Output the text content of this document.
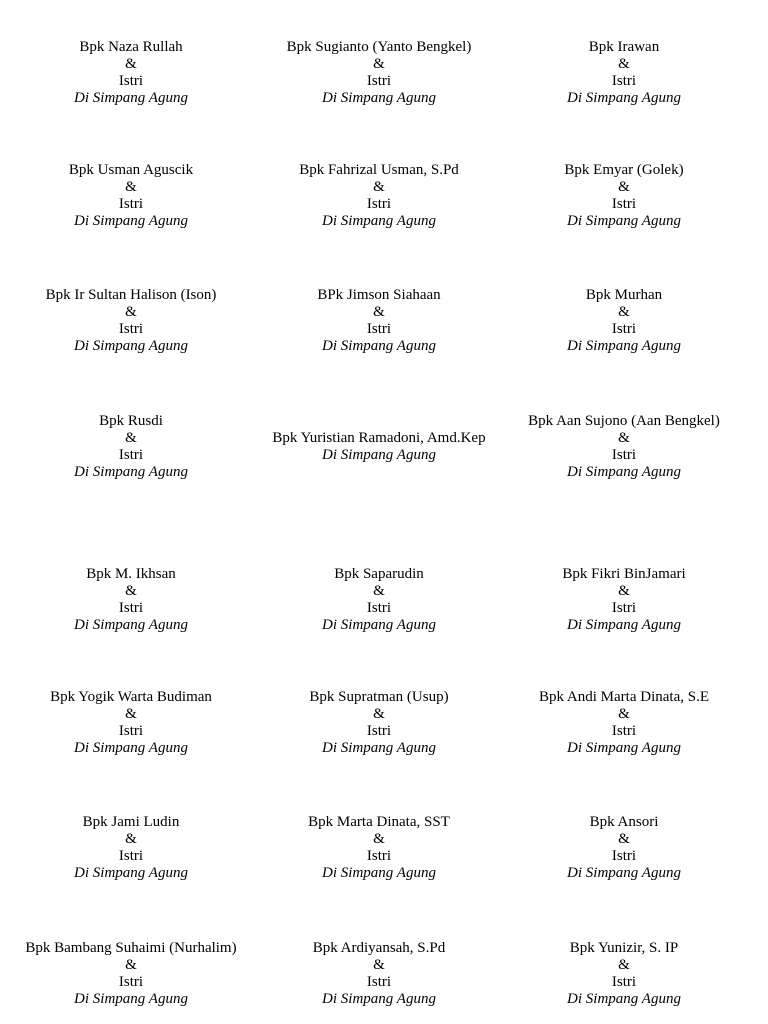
Bpk Naza Rullah
&
Istri
Di Simpang Agung
Bpk Sugianto (Yanto Bengkel)
&
Istri
Di Simpang Agung
Bpk Irawan
&
Istri
Di Simpang Agung
Bpk Usman Aguscik
&
Istri
Di Simpang Agung
Bpk Fahrizal Usman, S.Pd
&
Istri
Di Simpang Agung
Bpk Emyar (Golek)
&
Istri
Di Simpang Agung
Bpk Ir Sultan Halison (Ison)
&
Istri
Di Simpang Agung
BPk Jimson Siahaan
&
Istri
Di Simpang Agung
Bpk Murhan
&
Istri
Di Simpang Agung
Bpk Rusdi
&
Istri
Di Simpang Agung
Bpk Yuristian Ramadoni, Amd.Kep
Di Simpang Agung
Bpk Aan Sujono (Aan Bengkel)
&
Istri
Di Simpang Agung
Bpk M. Ikhsan
&
Istri
Di Simpang Agung
Bpk Saparudin
&
Istri
Di Simpang Agung
Bpk Fikri BinJamari
&
Istri
Di Simpang Agung
Bpk Yogik Warta Budiman
&
Istri
Di Simpang Agung
Bpk Supratman (Usup)
&
Istri
Di Simpang Agung
Bpk Andi Marta Dinata, S.E
&
Istri
Di Simpang Agung
Bpk Jami Ludin
&
Istri
Di Simpang Agung
Bpk Marta Dinata, SST
&
Istri
Di Simpang Agung
Bpk Ansori
&
Istri
Di Simpang Agung
Bpk Bambang Suhaimi (Nurhalim)
&
Istri
Di Simpang Agung
Bpk Ardiyansah, S.Pd
&
Istri
Di Simpang Agung
Bpk Yunizir, S. IP
&
Istri
Di Simpang Agung
